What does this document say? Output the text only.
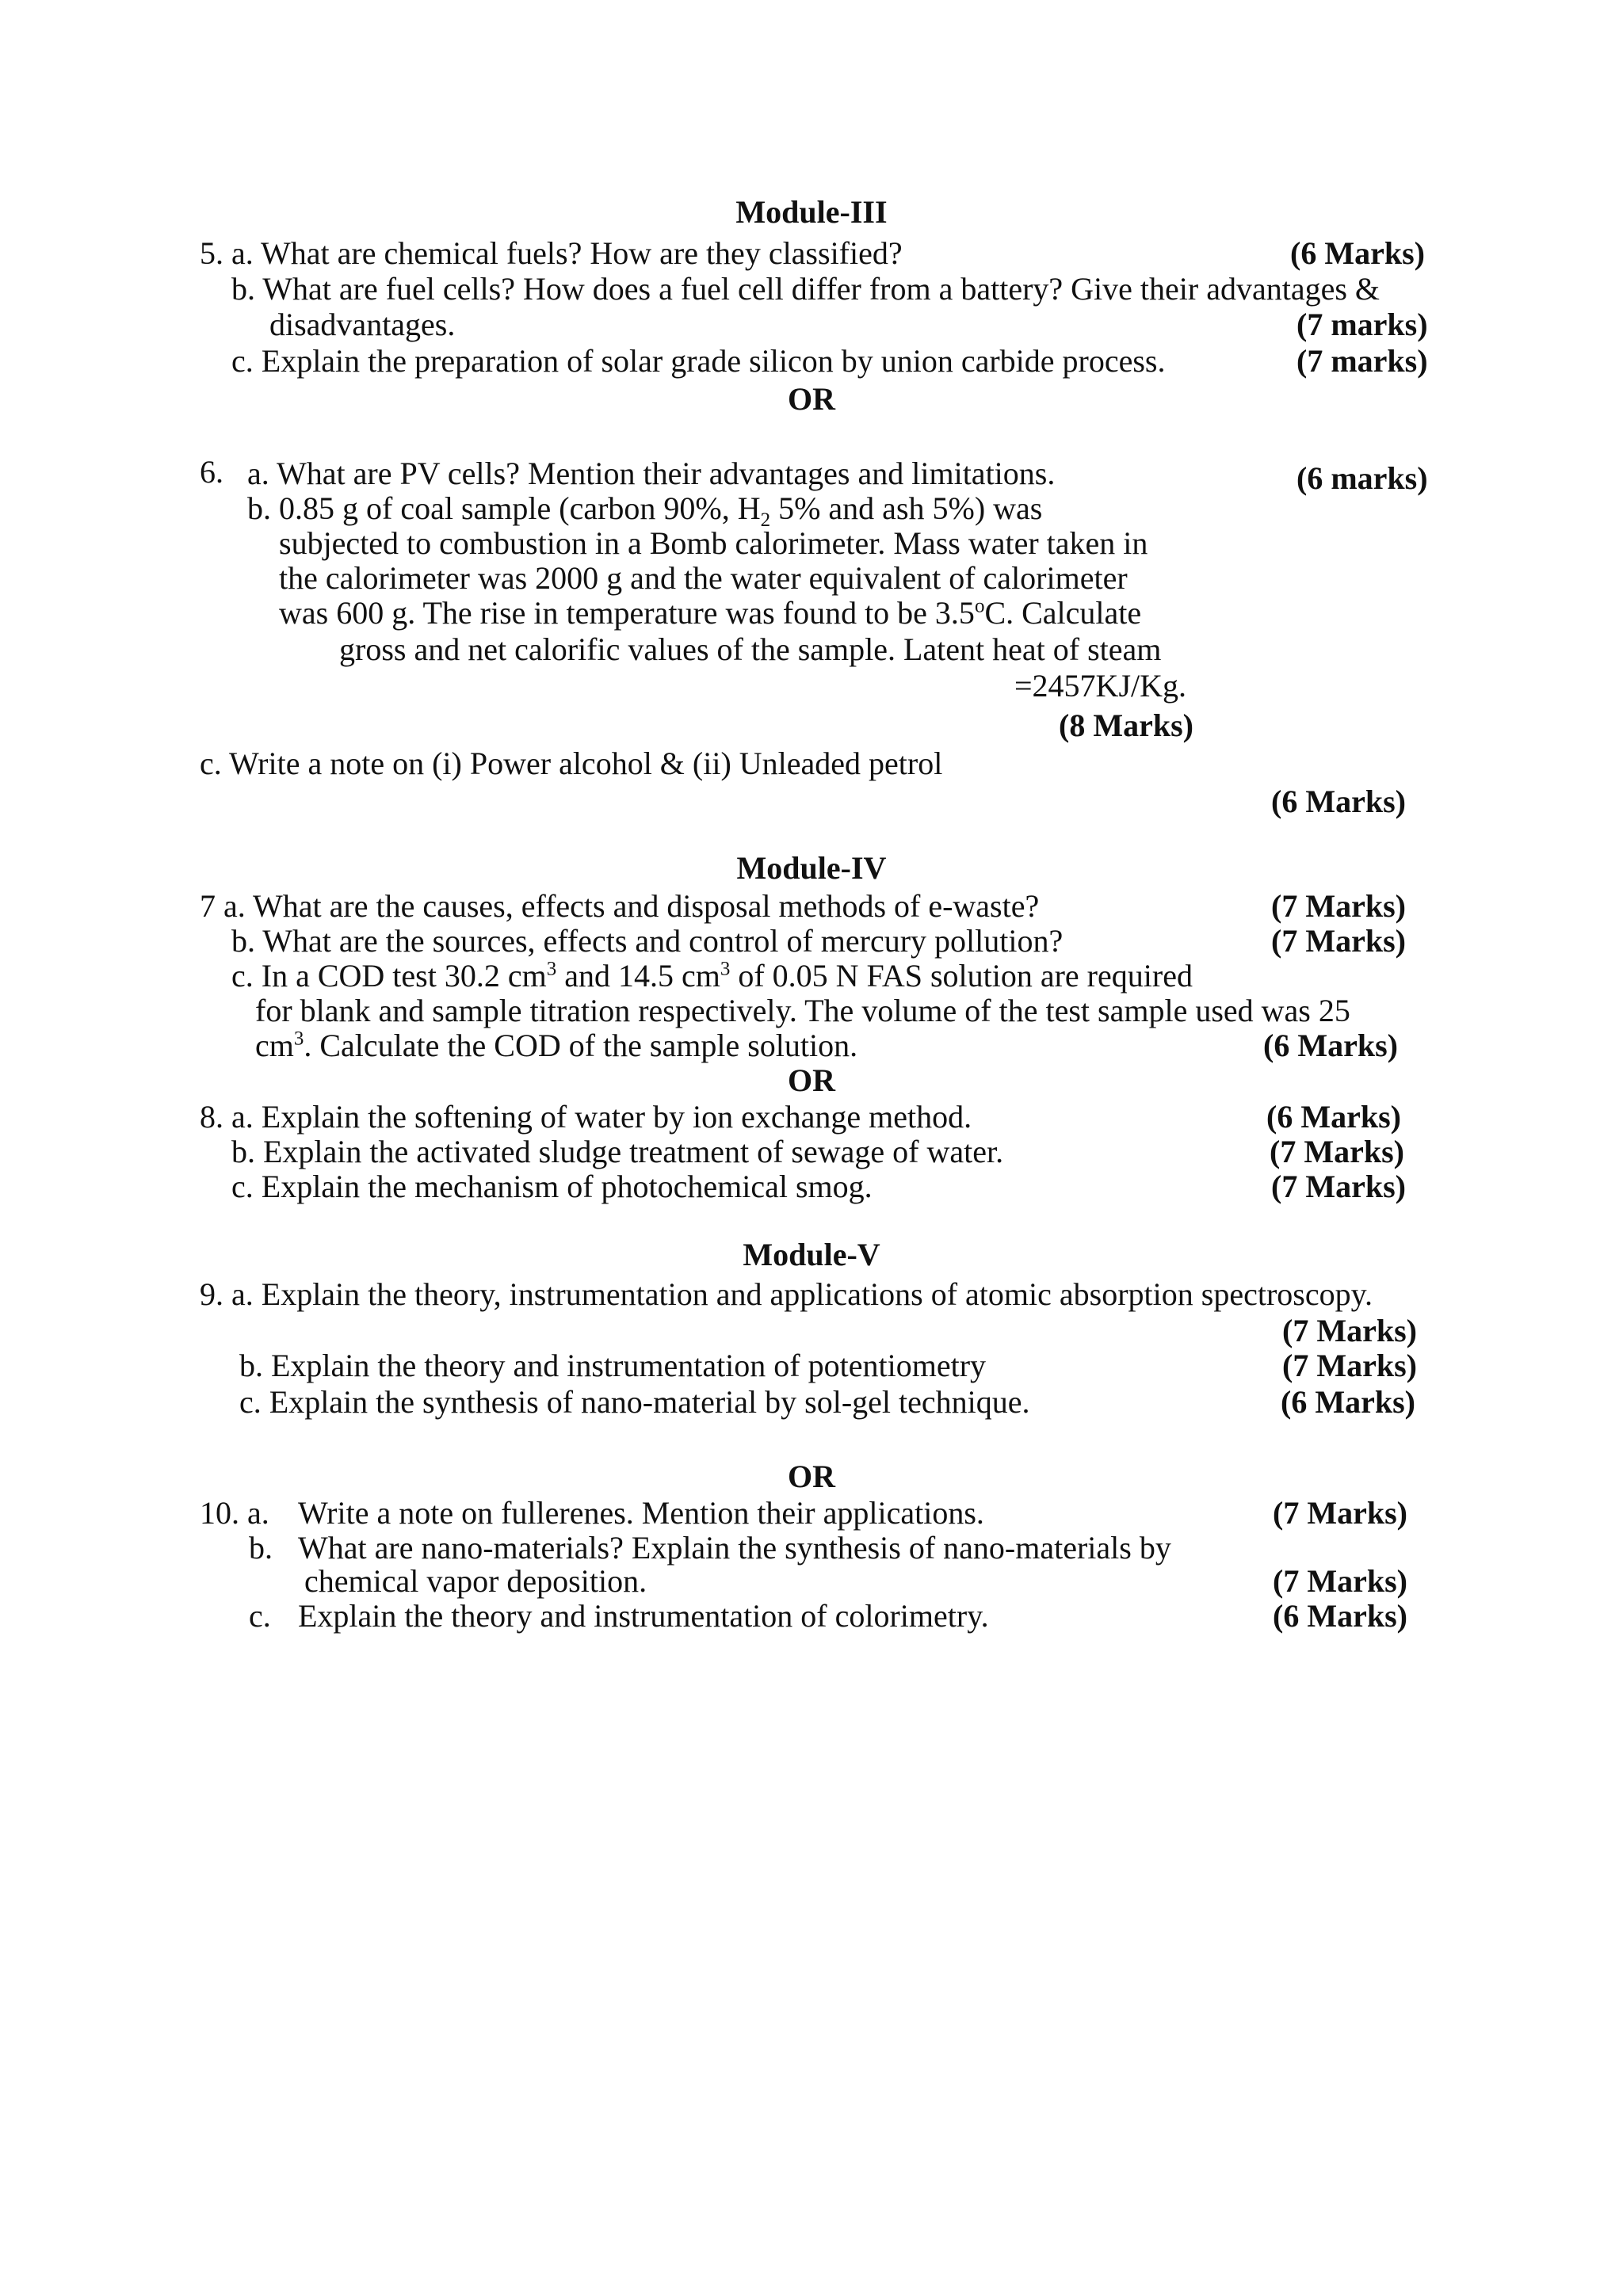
Module-III
5. a. What are chemical fuels? How are they classified?	(6 Marks)
b. What are fuel cells? How does a fuel cell differ from a battery? Give their advantages &
disadvantages.	(7 marks)
c. Explain the preparation of solar grade silicon by union carbide process.	(7 marks)
OR
6. a. What are PV cells? Mention their advantages and limitations.	(6 marks)
b. 0.85 g of coal sample (carbon 90%, $H_2$ 5% and ash 5%) was
subjected to combustion in a Bomb calorimeter. Mass water taken in
the calorimeter was 2000 g and the water equivalent of calorimeter
was 600 g. The rise in temperature was found to be 3.5$^o$C. Calculate
gross and net calorific values of the sample. Latent heat of steam
=2457KJ/Kg.
(8 Marks)
c. Write a note on (i) Power alcohol & (ii) Unleaded petrol
(6 Marks)
Module-IV
7 a. What are the causes, effects and disposal methods of e-waste?	(7 Marks)
b. What are the sources, effects and control of mercury pollution?	(7 Marks)
c. In a COD test 30.2 $cm^3$ and 14.5 $cm^3$ of 0.05 N FAS solution are required
for blank and sample titration respectively. The volume of the test sample used was 25
$cm^3$. Calculate the COD of the sample solution.	(6 Marks)
OR
8. a. Explain the softening of water by ion exchange method.	(6 Marks)
b. Explain the activated sludge treatment of sewage of water.	(7 Marks)
c. Explain the mechanism of photochemical smog.	(7 Marks)
Module-V
9. a. Explain the theory, instrumentation and applications of atomic absorption spectroscopy.
(7 Marks)
b. Explain the theory and instrumentation of potentiometry	(7 Marks)
c. Explain the synthesis of nano-material by sol-gel technique.	(6 Marks)
OR
10. a. Write a note on fullerenes. Mention their applications.	(7 Marks)
b. What are nano-materials? Explain the synthesis of nano-materials by
chemical vapor deposition.	(7 Marks)
c. Explain the theory and instrumentation of colorimetry.	(6 Marks)
